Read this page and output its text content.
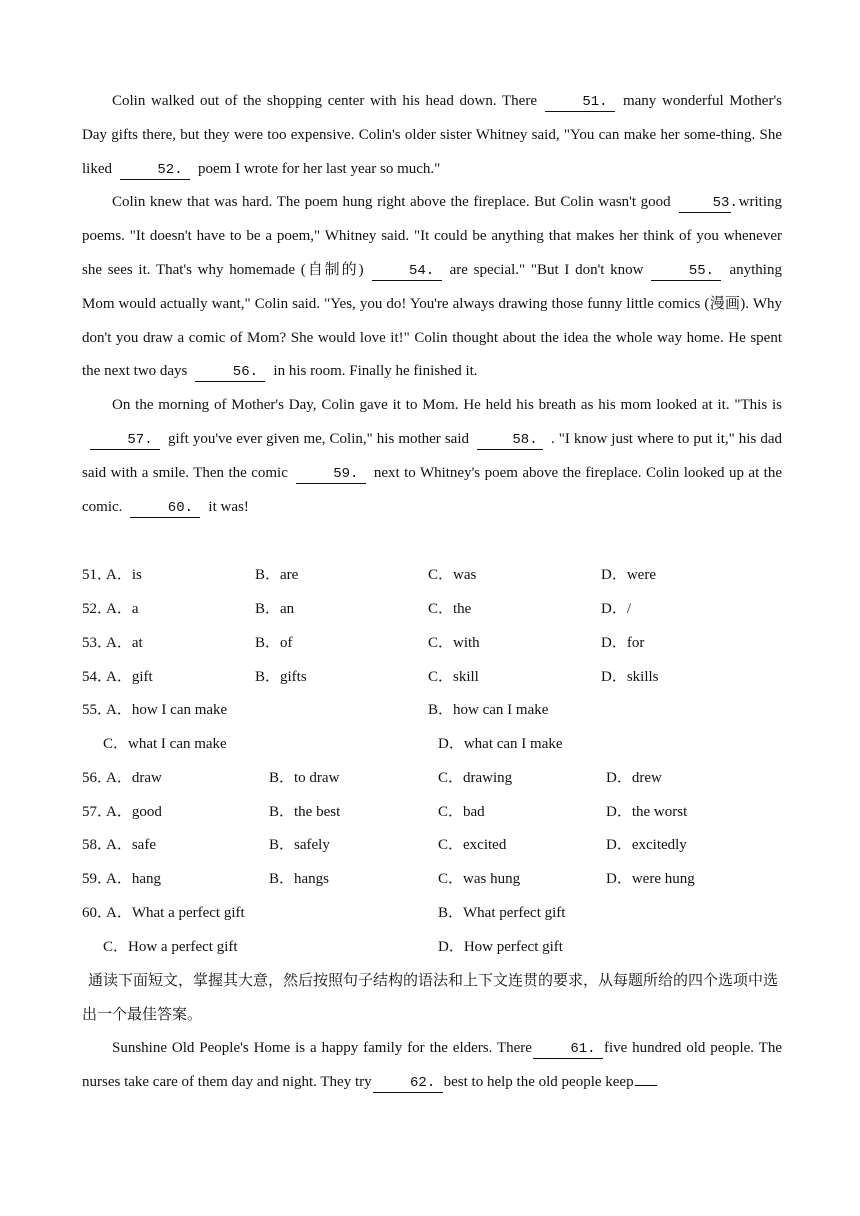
Colin walked out of the shopping center with his head down. There	51. many wonderful Mother's Day gifts there, but they were too expensive. Colin's older sister Whitney said, "You can make her some-thing. She liked	52. poem I wrote for her last year so much."

Colin knew that was hard. The poem hung right above the fireplace. But Colin wasn't good	53.writing poems. "It doesn't have to be a poem," Whitney said. "It could be anything that makes her think of you whenever she sees it. That's why homemade (自制的)	54. are special." "But I don't know	55. anything Mom would actually want," Colin said. "Yes, you do! You're always drawing those funny little comics (漫画). Why don't you draw a comic of Mom? She would love it!" Colin thought about the idea the whole way home. He spent the next two days	56. in his room. Finally he finished it.

On the morning of Mother's Day, Colin gave it to Mom. He held his breath as his mom looked at it. "This is57. gift you've ever given me, Colin," his mother said	58. . "I know just where to put it," his dad said with a smile. Then the comic	59. next to Whitney's poem above the fireplace. Colin looked up at the comic.	60. it was!

51．
A．is	B．are	C．was	D．were
52．
A．a	B．an	C．the	D．/
53．
A．at	B．of	C．with	D．for
54．
A．gift	B．gifts	C．skill	D．skills
55．
A．how I can make	B．how can I make
C．what I can make	D．what can I make
56．
A．draw	B．to draw	C．drawing	D．drew
57．
A．good	B．the best	C．bad	D．the worst
58．
A．safe	B．safely	C．excited	D．excitedly
59．
A．hang	B．hangs	C．was hung	D．were hung
60．
A．What a perfect gift	B．What perfect gift
C．How a perfect gift	D．How perfect gift

通读下面短文，掌握其大意，然后按照句子结构的语法和上下文连贯的要求，从每题所给的四个选项中选出一个最佳答案。

Sunshine Old People's Home is a happy family for the elders. There	61. five hundred old people. The nurses take care of them day and night. They try	62. best to help the old people keep
